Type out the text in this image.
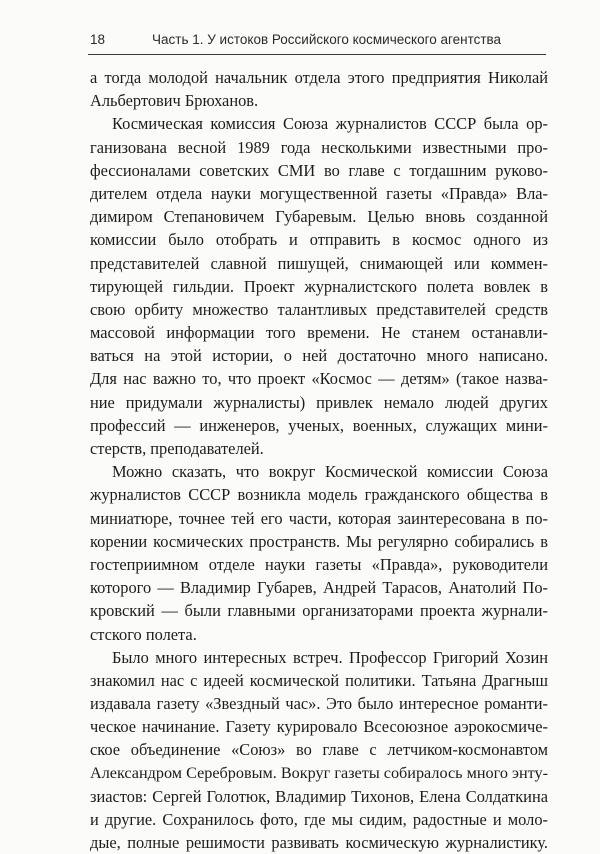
18	Часть 1. У истоков Российского космического агентства
а тогда молодой начальник отдела этого предприятия Николай
Альбертович Брюханов.
Космическая комиссия Союза журналистов СССР была ор-
ганизована весной 1989 года несколькими известными про-
фессионалами советских СМИ во главе с тогдашним руково-
дителем отдела науки могущественной газеты «Правда» Вла-
димиром Степановичем Губаревым. Целью вновь созданной
комиссии было отобрать и отправить в космос одного из
представителей славной пишущей, снимающей или коммен-
тирующей гильдии. Проект журналистского полета вовлек в
свою орбиту множество талантливых представителей средств
массовой информации того времени. Не станем останавли-
ваться на этой истории, о ней достаточно много написано.
Для нас важно то, что проект «Космос — детям» (такое назва-
ние придумали журналисты) привлек немало людей других
профессий — инженеров, ученых, военных, служащих мини-
стерств, преподавателей.
Можно сказать, что вокруг Космической комиссии Союза
журналистов СССР возникла модель гражданского общества в
миниатюре, точнее тей его части, которая заинтересована в по-
корении космических пространств. Мы регулярно собирались в
гостеприимном отделе науки газеты «Правда», руководители
которого — Владимир Губарев, Андрей Тарасов, Анатолий По-
кровский — были главными организаторами проекта журнали-
стского полета.
Было много интересных встреч. Профессор Григорий Хозин
знакомил нас с идеей космической политики. Татьяна Драгныш
издавала газету «Звездный час». Это было интересное романти-
ческое начинание. Газету курировало Всесоюзное аэрокосмиче-
ское объединение «Союз» во главе с летчиком-космонавтом
Александром Серебровым. Вокруг газеты собиралось много энту-
зиастов: Сергей Голотюк, Владимир Тихонов, Елена Солдаткина
и другие. Сохранилось фото, где мы сидим, радостные и моло-
дые, полные решимости развивать космическую журналистику.
